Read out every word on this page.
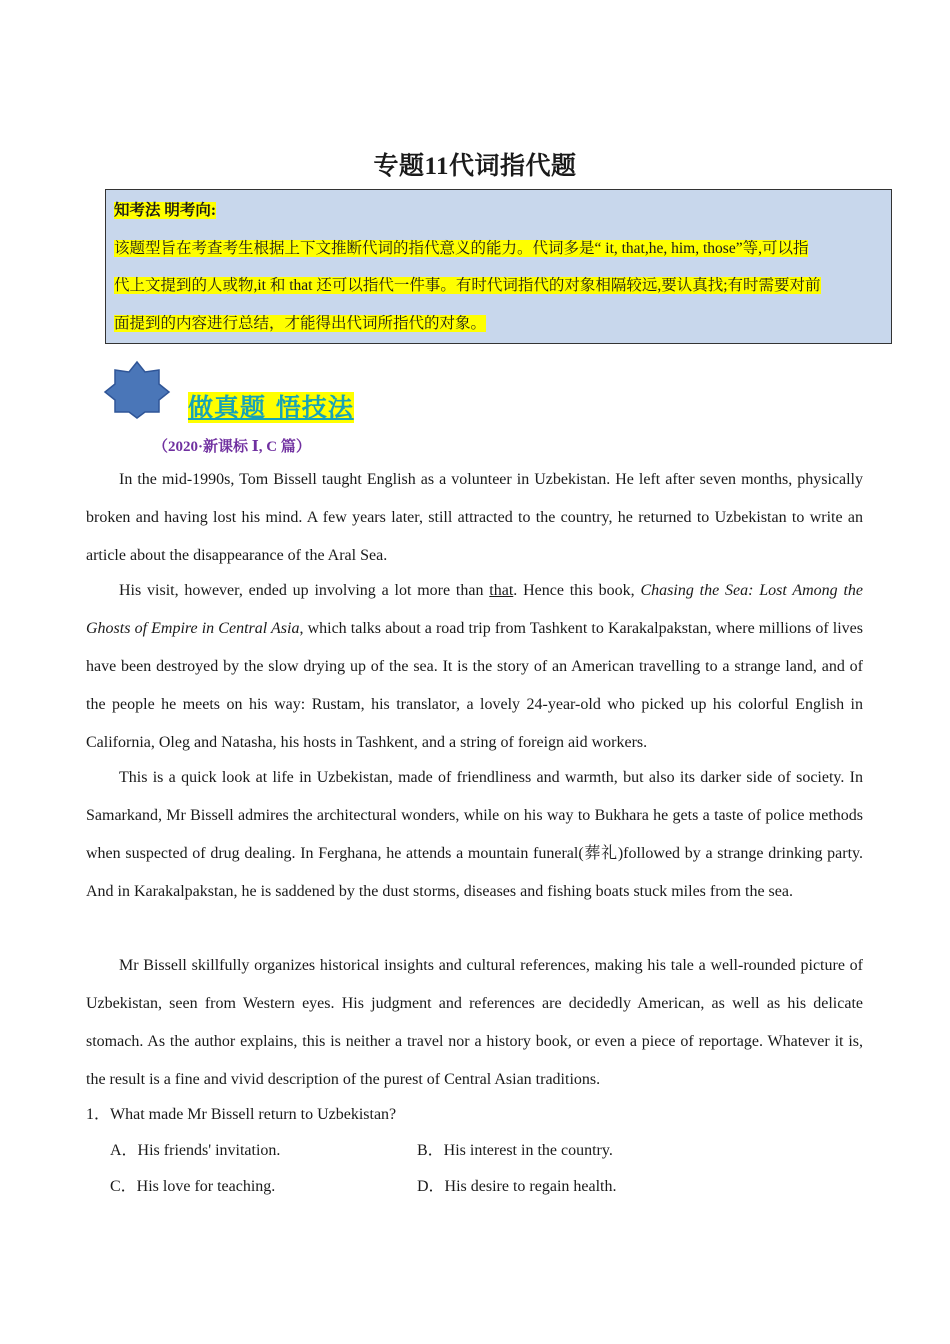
专题11代词指代题
知考法 明考向:
该题型旨在考查考生根据上下文推断代词的指代意义的能力。代词多是“ it, that,he, him, those”等,可以指
代上文提到的人或物,it 和 that 还可以指代一件事。有时代词指代的对象相隔较远,要认真找;有时需要对前
面提到的内容进行总结，才能得出代词所指代的对象。
做真题 悟技法
（2020·新课标 Ⅰ, C 篇）

In the mid-1990s, Tom Bissell taught English as a volunteer in Uzbekistan. He left after seven months, physically broken and having lost his mind. A few years later, still attracted to the country, he returned to Uzbekistan to write an article about the disappearance of the Aral Sea.

His visit, however, ended up involving a lot more than that. Hence this book, Chasing the Sea: Lost Among the Ghosts of Empire in Central Asia, which talks about a road trip from Tashkent to Karakalpakstan, where millions of lives have been destroyed by the slow drying up of the sea. It is the story of an American travelling to a strange land, and of the people he meets on his way: Rustam, his translator, a lovely 24-year-old who picked up his colorful English in California, Oleg and Natasha, his hosts in Tashkent, and a string of foreign aid workers.

This is a quick look at life in Uzbekistan, made of friendliness and warmth, but also its darker side of society. In Samarkand, Mr Bissell admires the architectural wonders, while on his way to Bukhara he gets a taste of police methods when suspected of drug dealing. In Ferghana, he attends a mountain funeral(葬礼)followed by a strange drinking party. And in Karakalpakstan, he is saddened by the dust storms, diseases and fishing boats stuck miles from the sea.

Mr Bissell skillfully organizes historical insights and cultural references, making his tale a well-rounded picture of Uzbekistan, seen from Western eyes. His judgment and references are decidedly American, as well as his delicate stomach. As the author explains, this is neither a travel nor a history book, or even a piece of reportage. Whatever it is, the result is a fine and vivid description of the purest of Central Asian traditions.

1．What made Mr Bissell return to Uzbekistan?
A．His friends' invitation.	B．His interest in the country.
C．His love for teaching.	D．His desire to regain health.
